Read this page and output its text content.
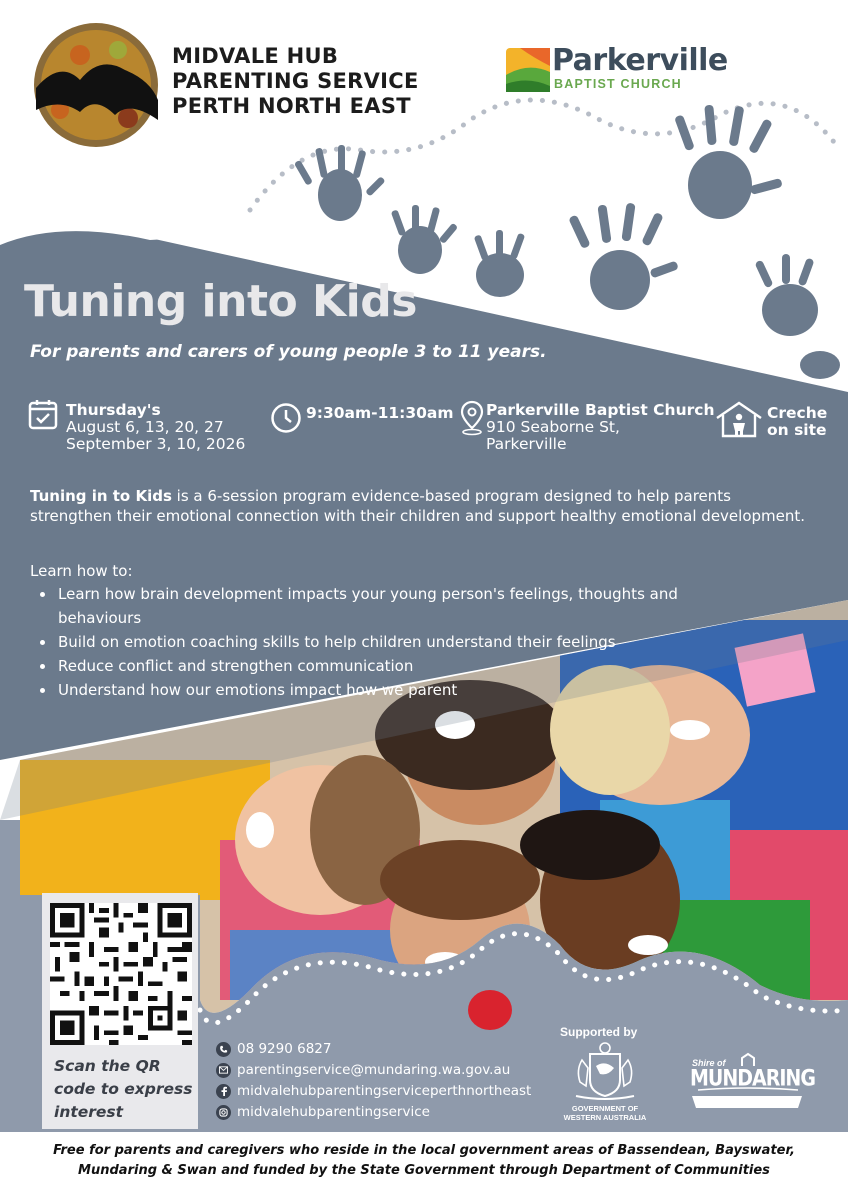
MIDVALE HUB
PARENTING SERVICE
PERTH NORTH EAST
Parkerville
BAPTIST CHURCH
Tuning into Kids
For parents and carers of young people 3 to 11 years.
Thursday's
August 6, 13, 20, 27
September 3, 10, 2026
9:30am-11:30am Parkerville Baptist Church
910 Seaborne St,
Parkerville
Creche
on site
Tuning in to Kids is a 6-session program evidence-based program designed to help parents strengthen their emotional connection with their children and support healthy emotional development.
Learn how to:
• Learn how brain development impacts your young person's feelings, thoughts and behaviours
• Build on emotion coaching skills to help children understand their feelings
• Reduce conflict and strengthen communication
• Understand how our emotions impact how we parent
Scan the QR code to express interest
08 9290 6827
parentingservice@mundaring.wa.gov.au
midvalehubparentingserviceperthnortheast
midvalehubparentingservice
Supported by
GOVERNMENT OF
WESTERN AUSTRALIA
Shire of
MUNDARING
Free for parents and caregivers who reside in the local government areas of Bassendean, Bayswater, Mundaring & Swan and funded by the State Government through Department of Communities
